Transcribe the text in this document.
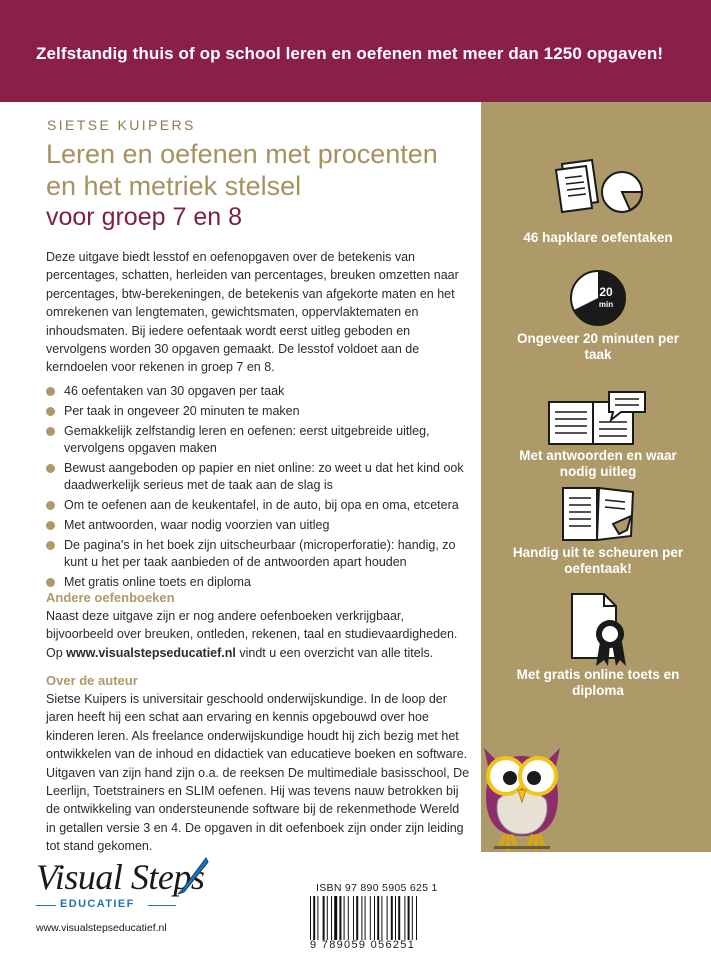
Zelfstandig thuis of op school leren en oefenen met meer dan 1250 opgaven!
SIETSE KUIPERS
Leren en oefenen met procenten
en het metriek stelsel
voor groep 7 en 8
Deze uitgave biedt lesstof en oefenopgaven over de betekenis van percentages, schatten, herleiden van percentages, breuken omzetten naar percentages, btw-berekeningen, de betekenis van afgekorte maten en het omrekenen van lengtematen, gewichtsmaten, oppervlaktematen en inhoudsmaten. Bij iedere oefentaak wordt eerst uitleg geboden en vervolgens worden 30 opgaven gemaakt. De lesstof voldoet aan de kerndoelen voor rekenen in groep 7 en 8.
46 oefentaken van 30 opgaven per taak
Per taak in ongeveer 20 minuten te maken
Gemakkelijk zelfstandig leren en oefenen: eerst uitgebreide uitleg, vervolgens opgaven maken
Bewust aangeboden op papier en niet online: zo weet u dat het kind ook daadwerkelijk serieus met de taak aan de slag is
Om te oefenen aan de keukentafel, in de auto, bij opa en oma, etcetera
Met antwoorden, waar nodig voorzien van uitleg
De pagina's in het boek zijn uitscheurbaar (microperforatie): handig, zo kunt u het per taak aanbieden of de antwoorden apart houden
Met gratis online toets en diploma
Andere oefenboeken
Naast deze uitgave zijn er nog andere oefenboeken verkrijgbaar, bijvoorbeeld over breuken, ontleden, rekenen, taal en studievaardigheden. Op www.visualstepseducatief.nl vindt u een overzicht van alle titels.
Over de auteur
Sietse Kuipers is universitair geschoold onderwijskundige. In de loop der jaren heeft hij een schat aan ervaring en kennis opgebouwd over hoe kinderen leren. Als freelance onderwijskundige houdt hij zich bezig met het ontwikkelen van de inhoud en didactiek van educatieve boeken en software. Uitgaven van zijn hand zijn o.a. de reeksen De multimediale basisschool, De Leerlijn, Toetstrainers en SLIM oefenen. Hij was tevens nauw betrokken bij de ontwikkeling van ondersteunende software bij de rekenmethode Wereld in getallen versie 3 en 4. De opgaven in dit oefenboek zijn onder zijn leiding tot stand gekomen.
46 hapklare oefentaken
20
min
Ongeveer 20 minuten per taak
Met antwoorden en waar nodig uitleg
Handig uit te scheuren per oefentaak!
Met gratis online toets en diploma
Visual Steps
EDUCATIEF
www.visualstepseducatief.nl
ISBN 97 890 5905 625 1
9 789059 056251
